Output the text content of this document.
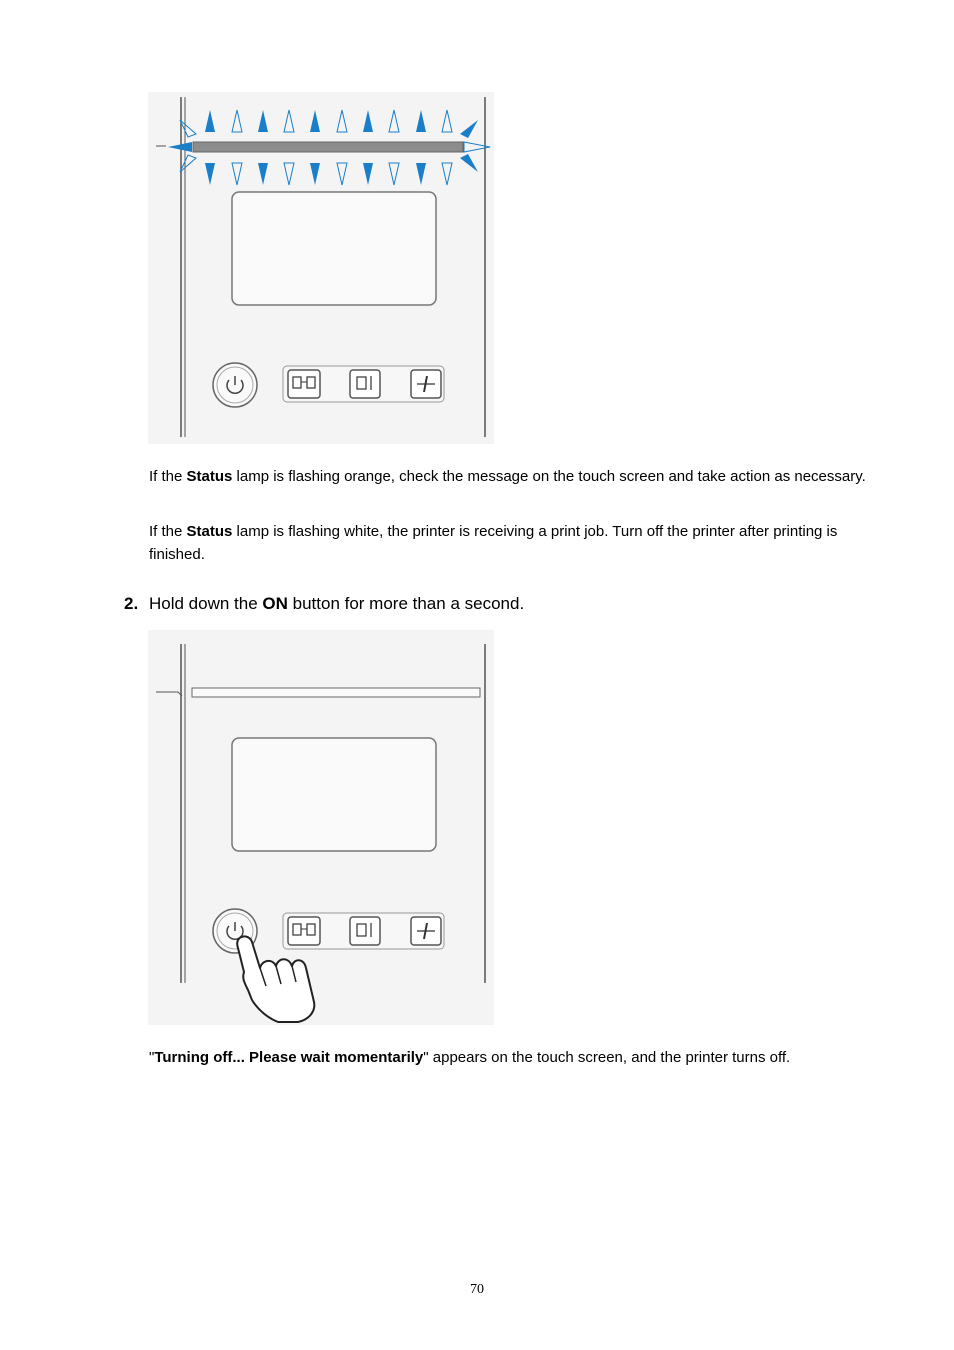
If the Status lamp is flashing orange, check the message on the touch screen and take action as necessary.

If the Status lamp is flashing white, the printer is receiving a print job. Turn off the printer after printing is finished.

2. Hold down the ON button for more than a second.

"Turning off... Please wait momentarily" appears on the touch screen, and the printer turns off.

70
